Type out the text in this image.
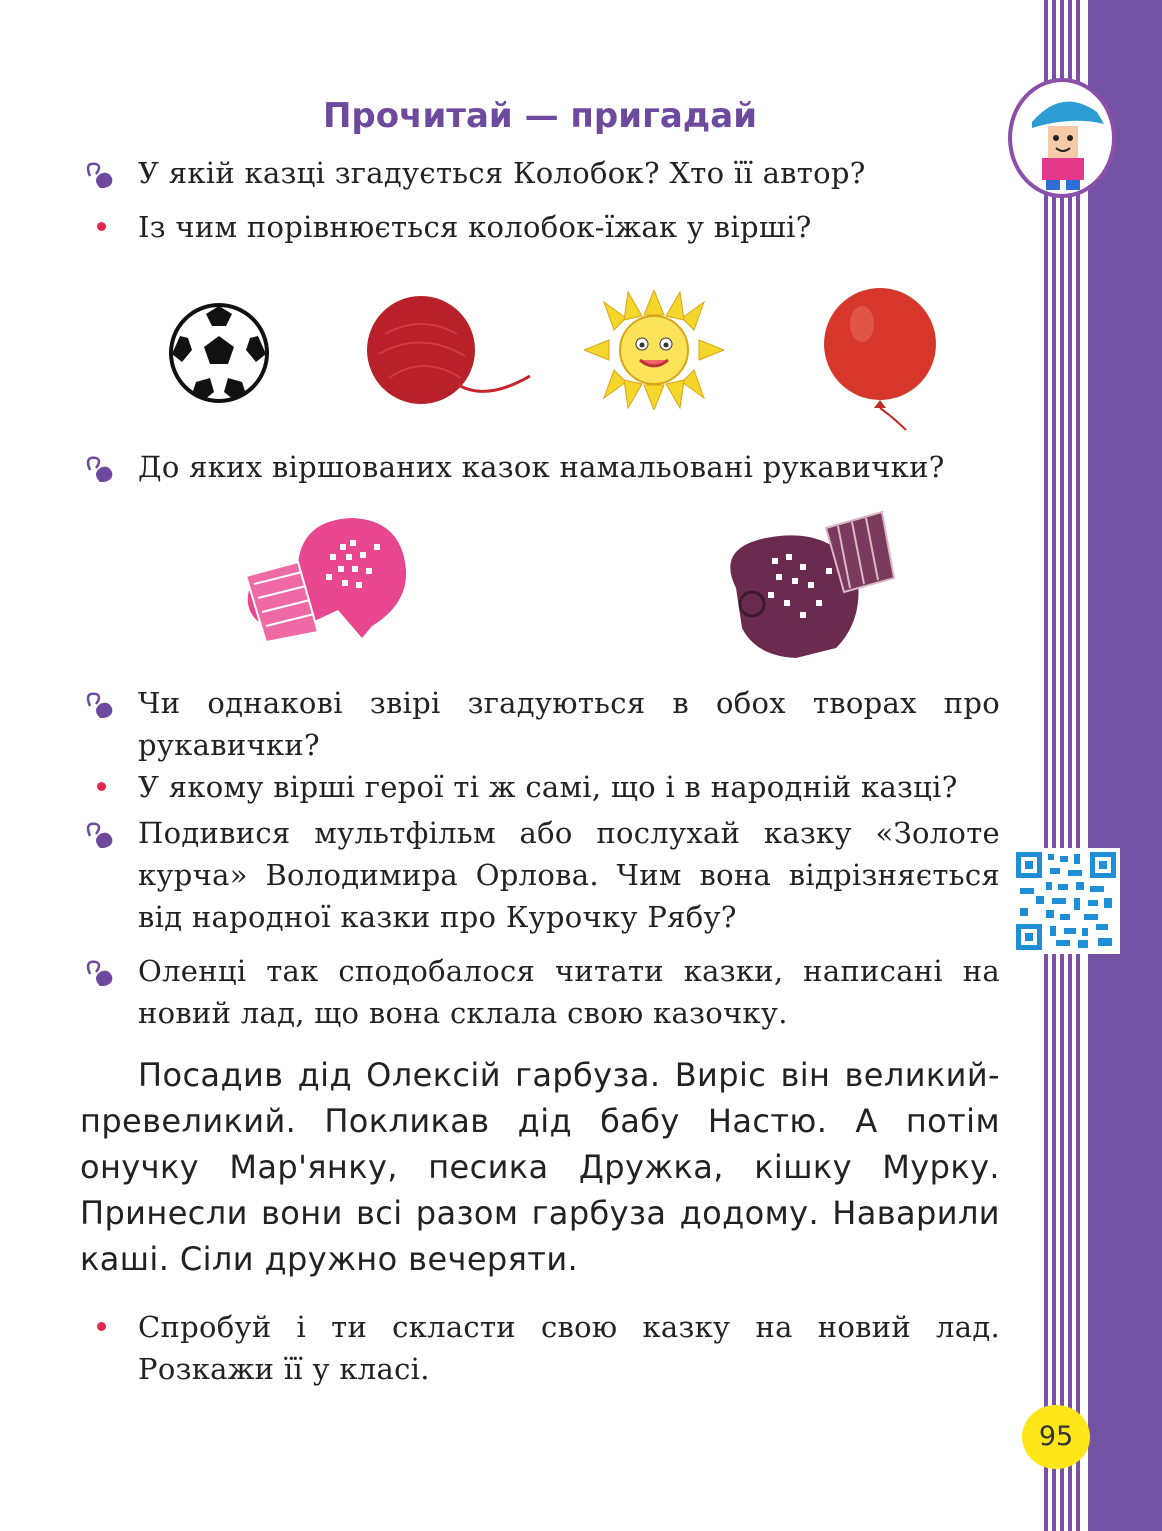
Прочитай — пригадай
У якій казці згадується Колобок? Хто її автор?
Із чим порівнюється колобок-їжак у вірші?
До яких віршованих казок намальовані рукавички?
Чи однакові звірі згадуються в обох творах про рукавички?
У якому вірші герої ті ж самі, що і в народній казці?
Подивися мультфільм або послухай казку «Золоте курча» Володимира Орлова. Чим вона відрізняється від народної казки про Курочку Рябу?
Оленці так сподобалося читати казки, написані на новий лад, що вона склала свою казочку.
Посадив дід Олексій гарбуза. Виріс він великий-превеликий. Покликав дід бабу Настю. А потім онучку Мар'янку, песика Дружка, кішку Мурку. Принесли вони всі разом гарбуза додому. Наварили каші. Сіли дружно вечеряти.
Спробуй і ти скласти свою казку на новий лад. Розкажи її у класі.
95
